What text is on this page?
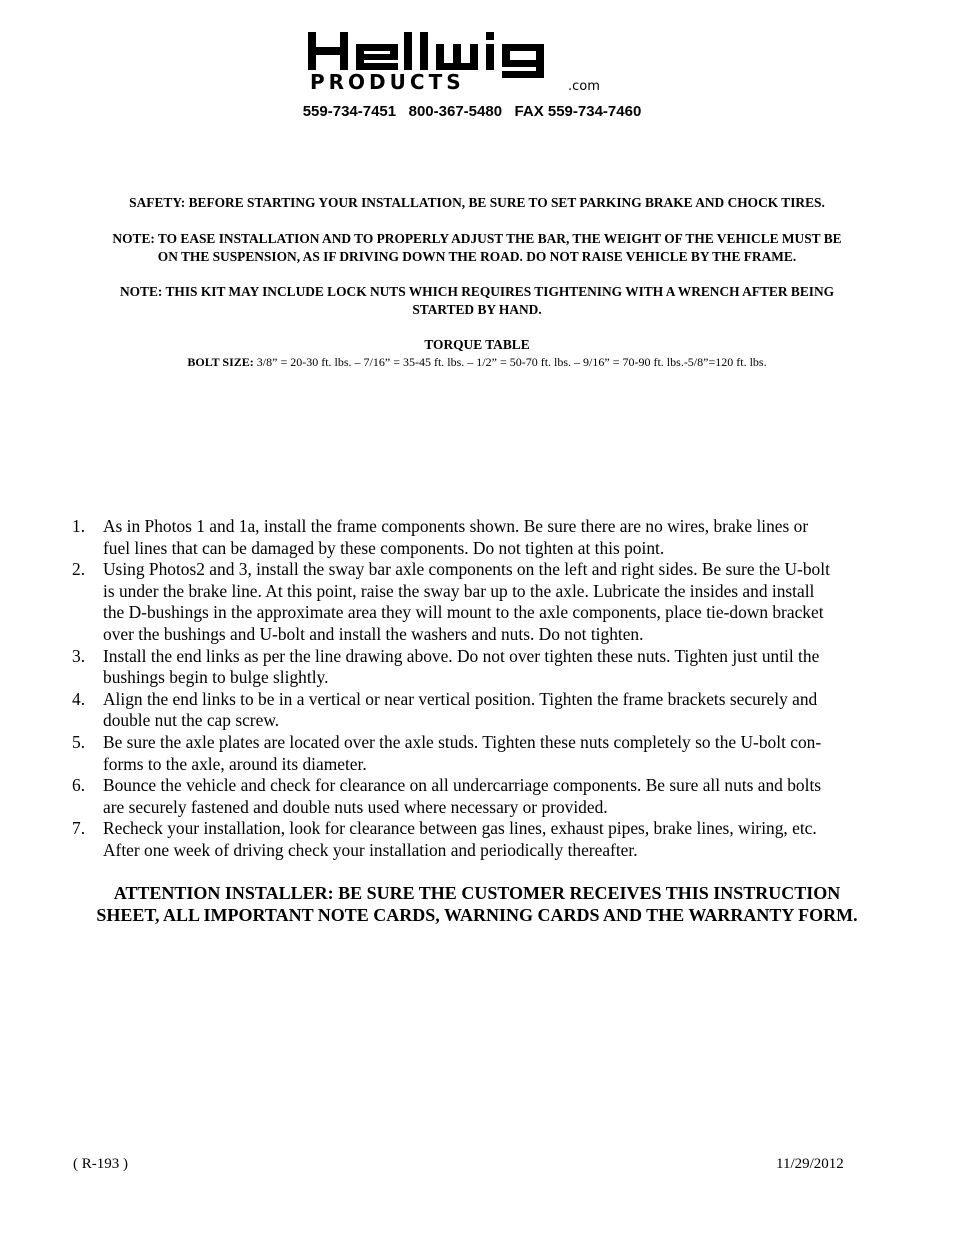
PRODUCTS	.com
559-734-7451   800-367-5480   FAX 559-734-7460
SAFETY: BEFORE STARTING YOUR INSTALLATION, BE SURE TO SET PARKING BRAKE AND CHOCK TIRES.
NOTE: TO EASE INSTALLATION AND TO PROPERLY ADJUST THE BAR, THE WEIGHT OF THE VEHICLE MUST BE
ON THE SUSPENSION, AS IF DRIVING DOWN THE ROAD. DO NOT RAISE VEHICLE BY THE FRAME.
NOTE: THIS KIT MAY INCLUDE LOCK NUTS WHICH REQUIRES TIGHTENING WITH A WRENCH AFTER BEING
STARTED BY HAND.
TORQUE TABLE
BOLT SIZE: 3/8” = 20-30 ft. lbs. – 7/16” = 35-45 ft. lbs. – 1/2” = 50-70 ft. lbs. – 9/16” = 70-90 ft. lbs.-5/8”=120 ft. lbs.
1. As in Photos 1 and 1a, install the frame components shown. Be sure there are no wires, brake lines or
fuel lines that can be damaged by these components. Do not tighten at this point.
2. Using Photos2 and 3, install the sway bar axle components on the left and right sides. Be sure the U-bolt
is under the brake line. At this point, raise the sway bar up to the axle. Lubricate the insides and install
the D-bushings in the approximate area they will mount to the axle components, place tie-down bracket
over the bushings and U-bolt and install the washers and nuts. Do not tighten.
3. Install the end links as per the line drawing above. Do not over tighten these nuts. Tighten just until the
bushings begin to bulge slightly.
4. Align the end links to be in a vertical or near vertical position. Tighten the frame brackets securely and
double nut the cap screw.
5. Be sure the axle plates are located over the axle studs. Tighten these nuts completely so the U-bolt con-
forms to the axle, around its diameter.
6. Bounce the vehicle and check for clearance on all undercarriage components. Be sure all nuts and bolts
are securely fastened and double nuts used where necessary or provided.
7. Recheck your installation, look for clearance between gas lines, exhaust pipes, brake lines, wiring, etc.
After one week of driving check your installation and periodically thereafter.
ATTENTION INSTALLER: BE SURE THE CUSTOMER RECEIVES THIS INSTRUCTION
SHEET, ALL IMPORTANT NOTE CARDS, WARNING CARDS AND THE WARRANTY FORM.
( R-193 )	11/29/2012
